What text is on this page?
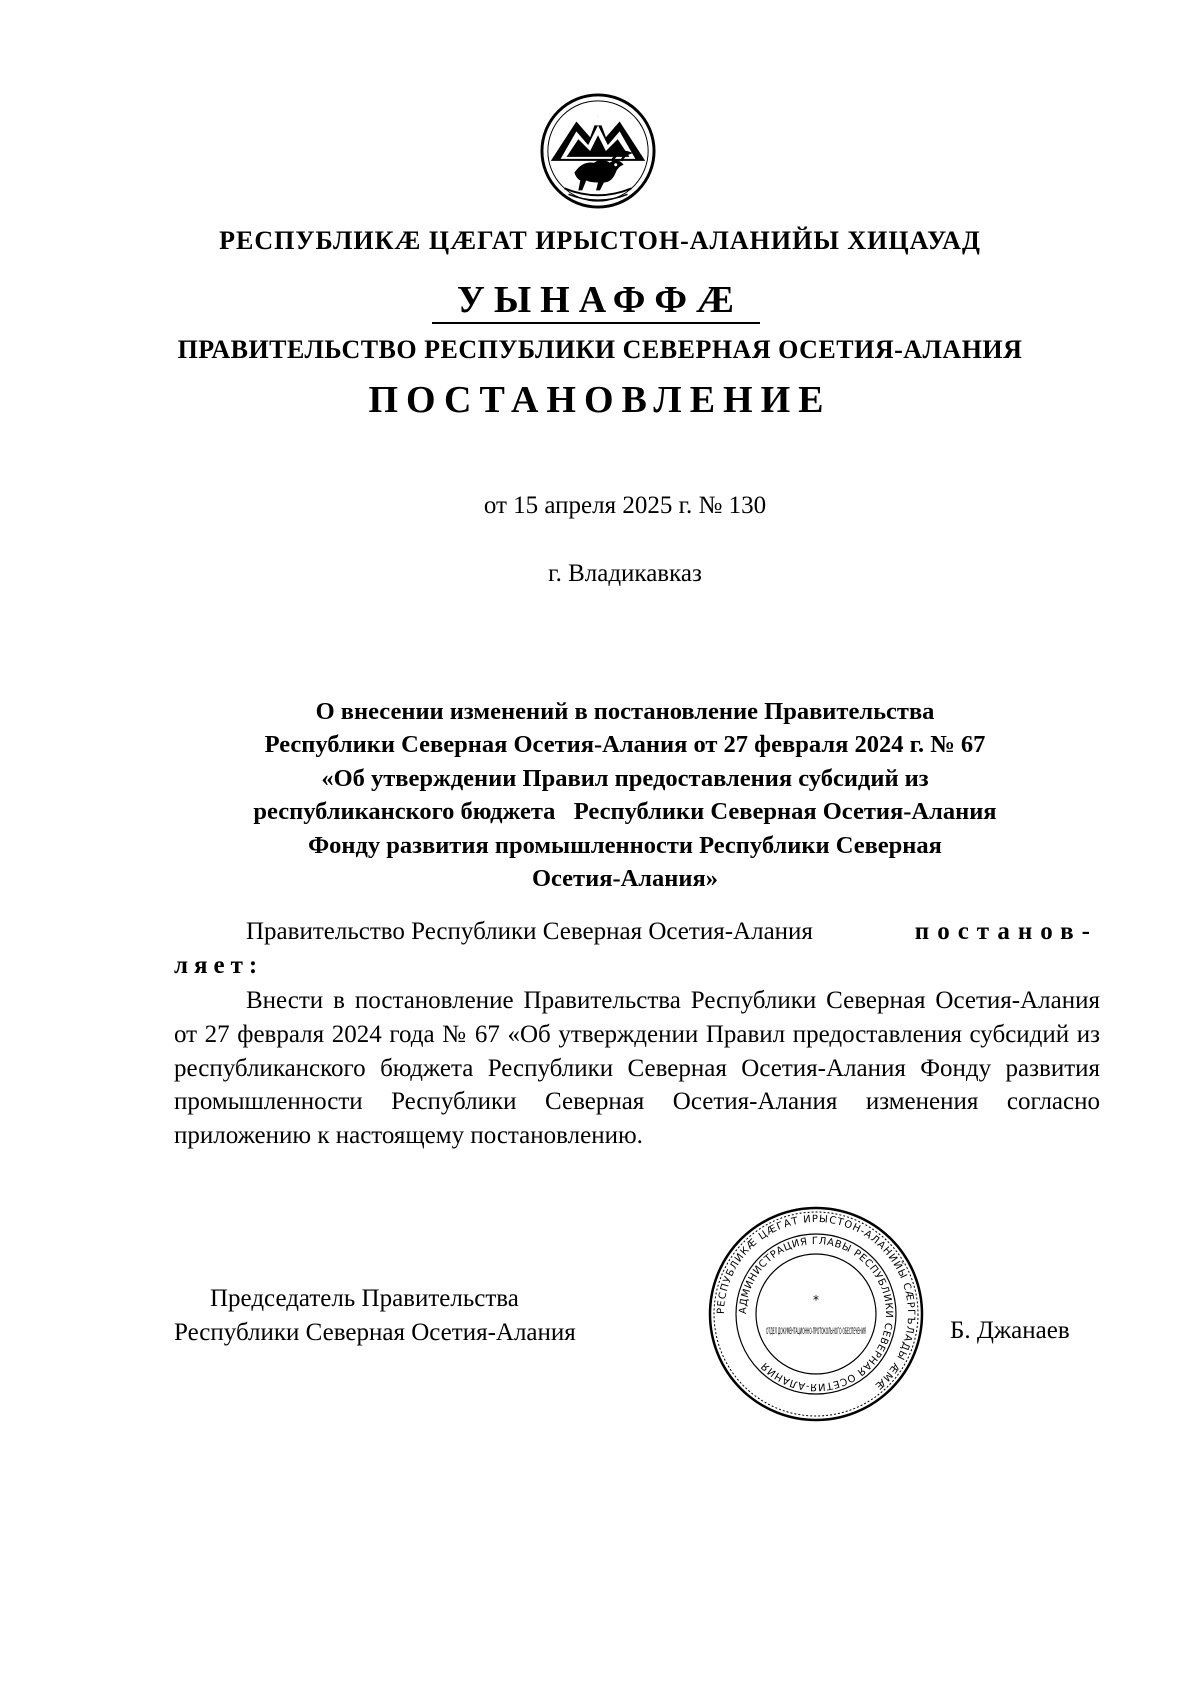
РЕСПУБЛИКÆ ЦÆГАТ ИРЫСТОН-АЛАНИЙЫ ХИЦАУАД
УЫНАФФÆ
ПРАВИТЕЛЬСТВО РЕСПУБЛИКИ СЕВЕРНАЯ ОСЕТИЯ-АЛАНИЯ
ПОСТАНОВЛЕНИЕ
от 15 апреля 2025 г. № 130
г. Владикавказ
О внесении изменений в постановление Правительства
Республики Северная Осетия-Алания от 27 февраля 2024 г. № 67
«Об утверждении Правил предоставления субсидий из
республиканского бюджета   Республики Северная Осетия-Алания
Фонду развития промышленности Республики Северная
Осетия-Алания»
Правительство Республики Северная Осетия-Алания	постанов-
ляет:
Внести в постановление Правительства Республики Северная Осетия-Алания от 27 февраля 2024 года № 67 «Об утверждении Правил предоставления субсидий из республиканского бюджета Республики Северная Осетия-Алания Фонду развития промышленности Республики Северная Осетия-Алания изменения согласно приложению к настоящему постановлению.
Председатель Правительства
Республики Северная Осетия-Алания
РЕСПУБЛИКÆ ЦÆГАТ ИРЫСТОН-АЛАНИЙЫ СÆРГЪЛАДЫ ÆМÆ
АДМИНИСТРАЦИЯ ГЛАВЫ РЕСПУБЛИКИ СЕВЕРНАЯ ОСЕТИЯ-АЛАНИЯ
ОТДЕЛ ДОКУМЕНТАЦИОННО-ПРОТОКОЛЬНОГО ОБЕСПЕЧЕНИЯ
*
Б. Джанаев
